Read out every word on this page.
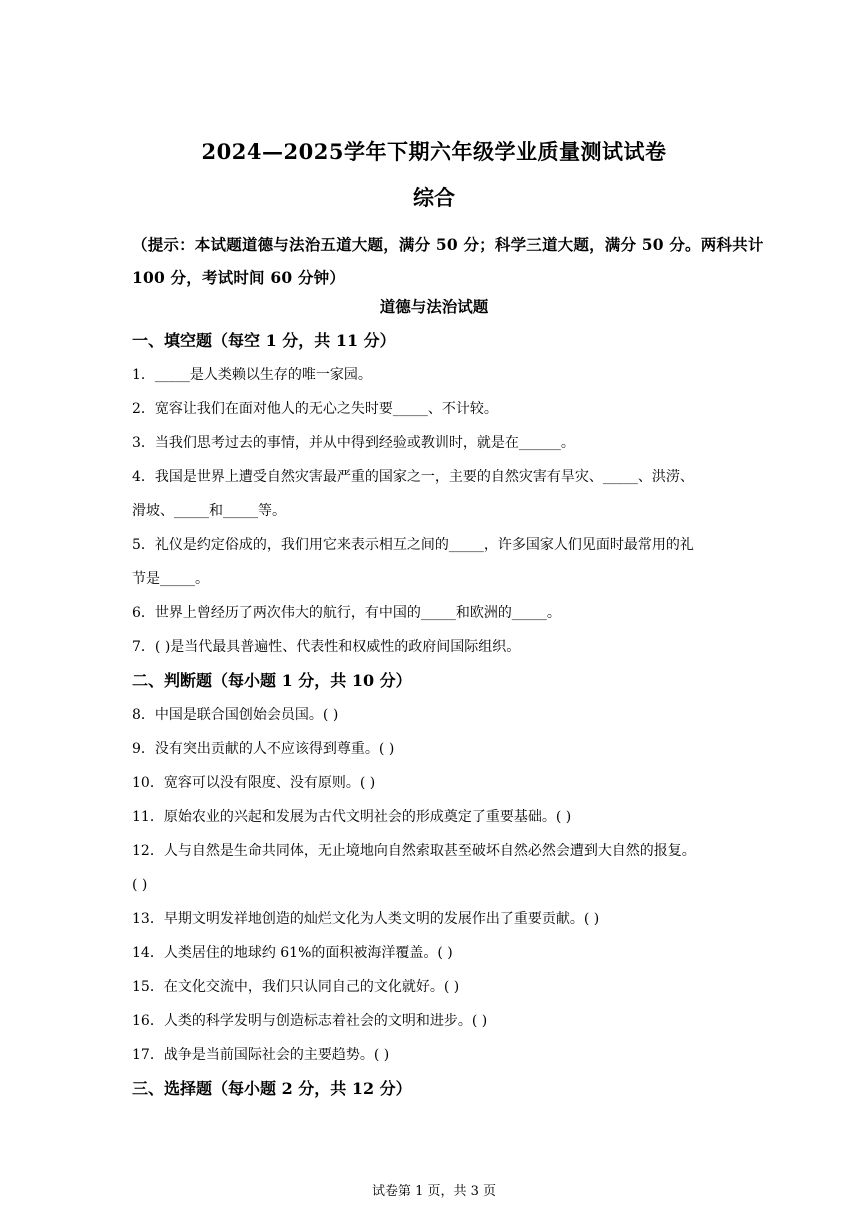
2024—2025学年下期六年级学业质量测试试卷
综合
（提示：本试题道德与法治五道大题，满分 50 分；科学三道大题，满分 50 分。两科共计 100 分，考试时间 60 分钟）
道德与法治试题
一、填空题（每空 1 分，共 11 分）
1．_____是人类赖以生存的唯一家园。
2．宽容让我们在面对他人的无心之失时要_____、不计较。
3．当我们思考过去的事情，并从中得到经验或教训时，就是在______。
4．我国是世界上遭受自然灾害最严重的国家之一，主要的自然灾害有旱灾、_____、洪涝、
滑坡、_____和_____等。
5．礼仪是约定俗成的，我们用它来表示相互之间的_____，许多国家人们见面时最常用的礼
节是_____。
6．世界上曾经历了两次伟大的航行，有中国的_____和欧洲的_____。
7．( )是当代最具普遍性、代表性和权威性的政府间国际组织。
二、判断题（每小题 1 分，共 10 分）
8．中国是联合国创始会员国。( )
9．没有突出贡献的人不应该得到尊重。( )
10．宽容可以没有限度、没有原则。( )
11．原始农业的兴起和发展为古代文明社会的形成奠定了重要基础。( )
12．人与自然是生命共同体，无止境地向自然索取甚至破坏自然必然会遭到大自然的报复。
( )
13．早期文明发祥地创造的灿烂文化为人类文明的发展作出了重要贡献。( )
14．人类居住的地球约 61%的面积被海洋覆盖。( )
15．在文化交流中，我们只认同自己的文化就好。( )
16．人类的科学发明与创造标志着社会的文明和进步。( )
17．战争是当前国际社会的主要趋势。( )
三、选择题（每小题 2 分，共 12 分）
试卷第 1 页，共 3 页
